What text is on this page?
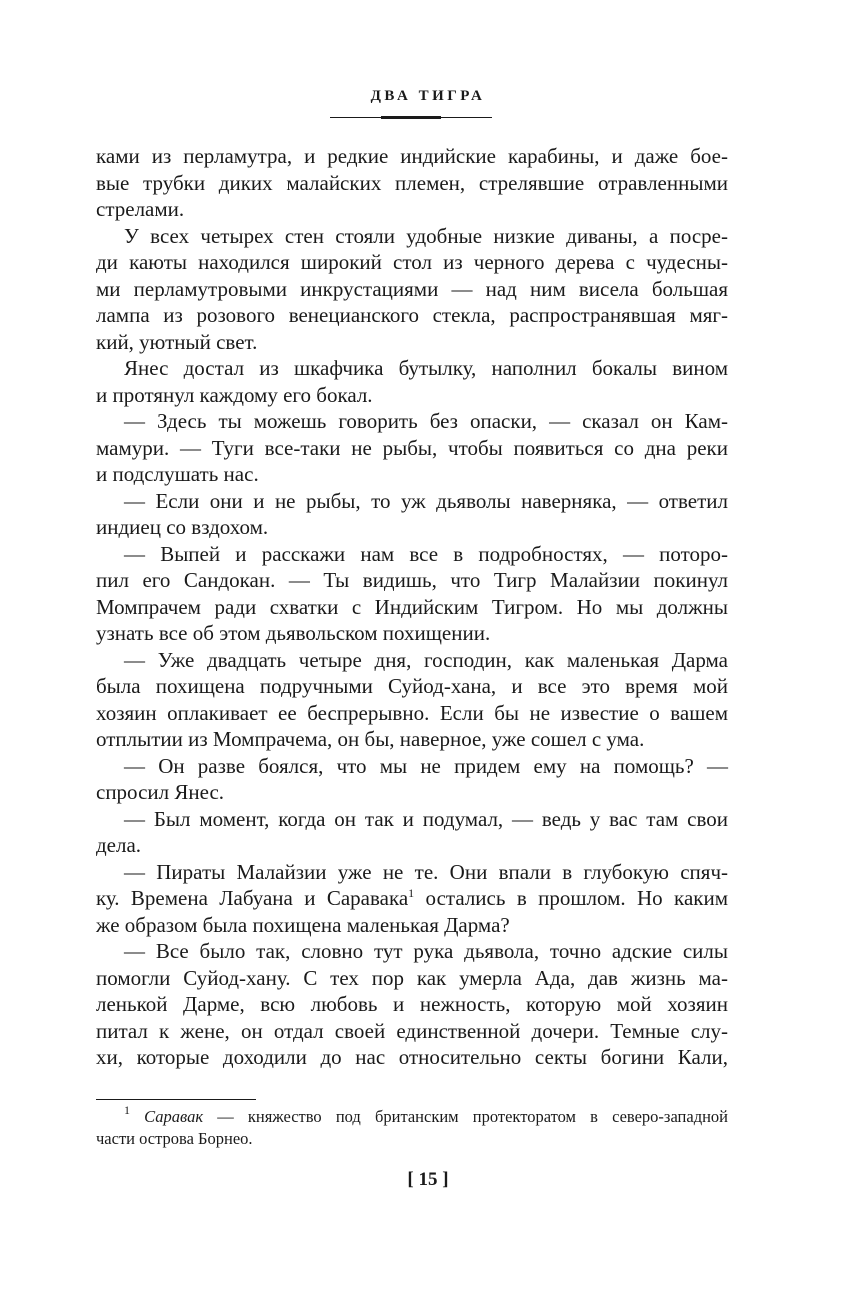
ДВА ТИГРА
ками из перламутра, и редкие индийские карабины, и даже бое-
вые трубки диких малайских племен, стрелявшие отравленными
стрелами.
У всех четырех стен стояли удобные низкие диваны, а посре-
ди каюты находился широкий стол из черного дерева с чудесны-
ми перламутровыми инкрустациями — над ним висела большая
лампа из розового венецианского стекла, распространявшая мяг-
кий, уютный свет.
Янес достал из шкафчика бутылку, наполнил бокалы вином
и протянул каждому его бокал.
— Здесь ты можешь говорить без опаски, — сказал он Кам-
мамури. — Туги все-таки не рыбы, чтобы появиться со дна реки
и подслушать нас.
— Если они и не рыбы, то уж дьяволы наверняка, — ответил
индиец со вздохом.
— Выпей и расскажи нам все в подробностях, — поторо-
пил его Сандокан. — Ты видишь, что Тигр Малайзии покинул
Момпрачем ради схватки с Индийским Тигром. Но мы должны
узнать все об этом дьявольском похищении.
— Уже двадцать четыре дня, господин, как маленькая Дарма
была похищена подручными Суйод-хана, и все это время мой
хозяин оплакивает ее беспрерывно. Если бы не известие о вашем
отплытии из Момпрачема, он бы, наверное, уже сошел с ума.
— Он разве боялся, что мы не придем ему на помощь? —
спросил Янес.
— Был момент, когда он так и подумал, — ведь у вас там свои
дела.
— Пираты Малайзии уже не те. Они впали в глубокую спяч-
ку. Времена Лабуана и Саравака$^1$ остались в прошлом. Но каким
же образом была похищена маленькая Дарма?
— Все было так, словно тут рука дьявола, точно адские силы
помогли Суйод-хану. С тех пор как умерла Ада, дав жизнь ма-
ленькой Дарме, всю любовь и нежность, которую мой хозяин
питал к жене, он отдал своей единственной дочери. Темные слу-
хи, которые доходили до нас относительно секты богини Кали,
$^1$ Саравак — княжество под британским протекторатом в северо-западной
части острова Борнео.
[ 15 ]
